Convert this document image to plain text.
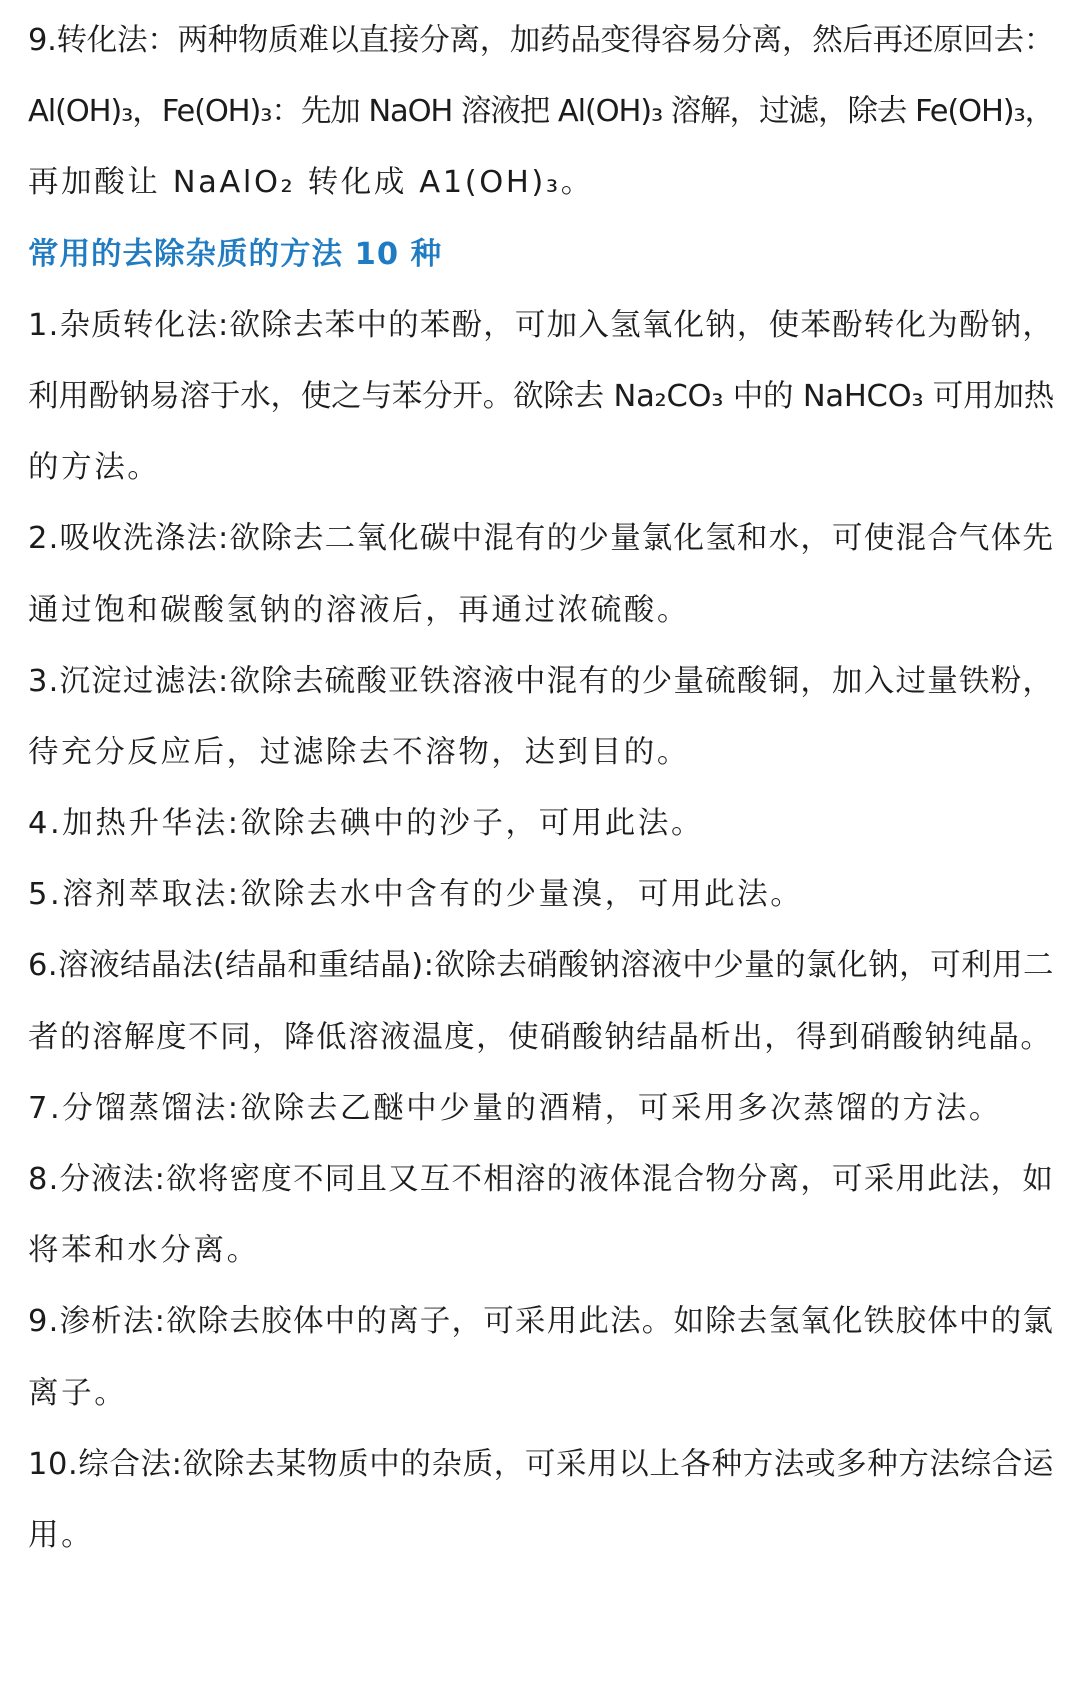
9.转化法：两种物质难以直接分离，加药品变得容易分离，然后再还原回去：
Al(OH)₃，Fe(OH)₃：先加 NaOH 溶液把 Al(OH)₃ 溶解，过滤，除去 Fe(OH)₃，
再加酸让 NaAlO₂ 转化成 A1(OH)₃。
常用的去除杂质的方法 10 种
1.杂质转化法:欲除去苯中的苯酚，可加入氢氧化钠，使苯酚转化为酚钠，
利用酚钠易溶于水，使之与苯分开。欲除去 Na₂CO₃ 中的 NaHCO₃ 可用加热
的方法。
2.吸收洗涤法:欲除去二氧化碳中混有的少量氯化氢和水，可使混合气体先
通过饱和碳酸氢钠的溶液后，再通过浓硫酸。
3.沉淀过滤法:欲除去硫酸亚铁溶液中混有的少量硫酸铜，加入过量铁粉，
待充分反应后，过滤除去不溶物，达到目的。
4.加热升华法:欲除去碘中的沙子，可用此法。
5.溶剂萃取法:欲除去水中含有的少量溴，可用此法。
6.溶液结晶法(结晶和重结晶):欲除去硝酸钠溶液中少量的氯化钠，可利用二
者的溶解度不同，降低溶液温度，使硝酸钠结晶析出，得到硝酸钠纯晶。
7.分馏蒸馏法:欲除去乙醚中少量的酒精，可采用多次蒸馏的方法。
8.分液法:欲将密度不同且又互不相溶的液体混合物分离，可采用此法，如
将苯和水分离。
9.渗析法:欲除去胶体中的离子，可采用此法。如除去氢氧化铁胶体中的氯
离子。
10.综合法:欲除去某物质中的杂质，可采用以上各种方法或多种方法综合运
用。
